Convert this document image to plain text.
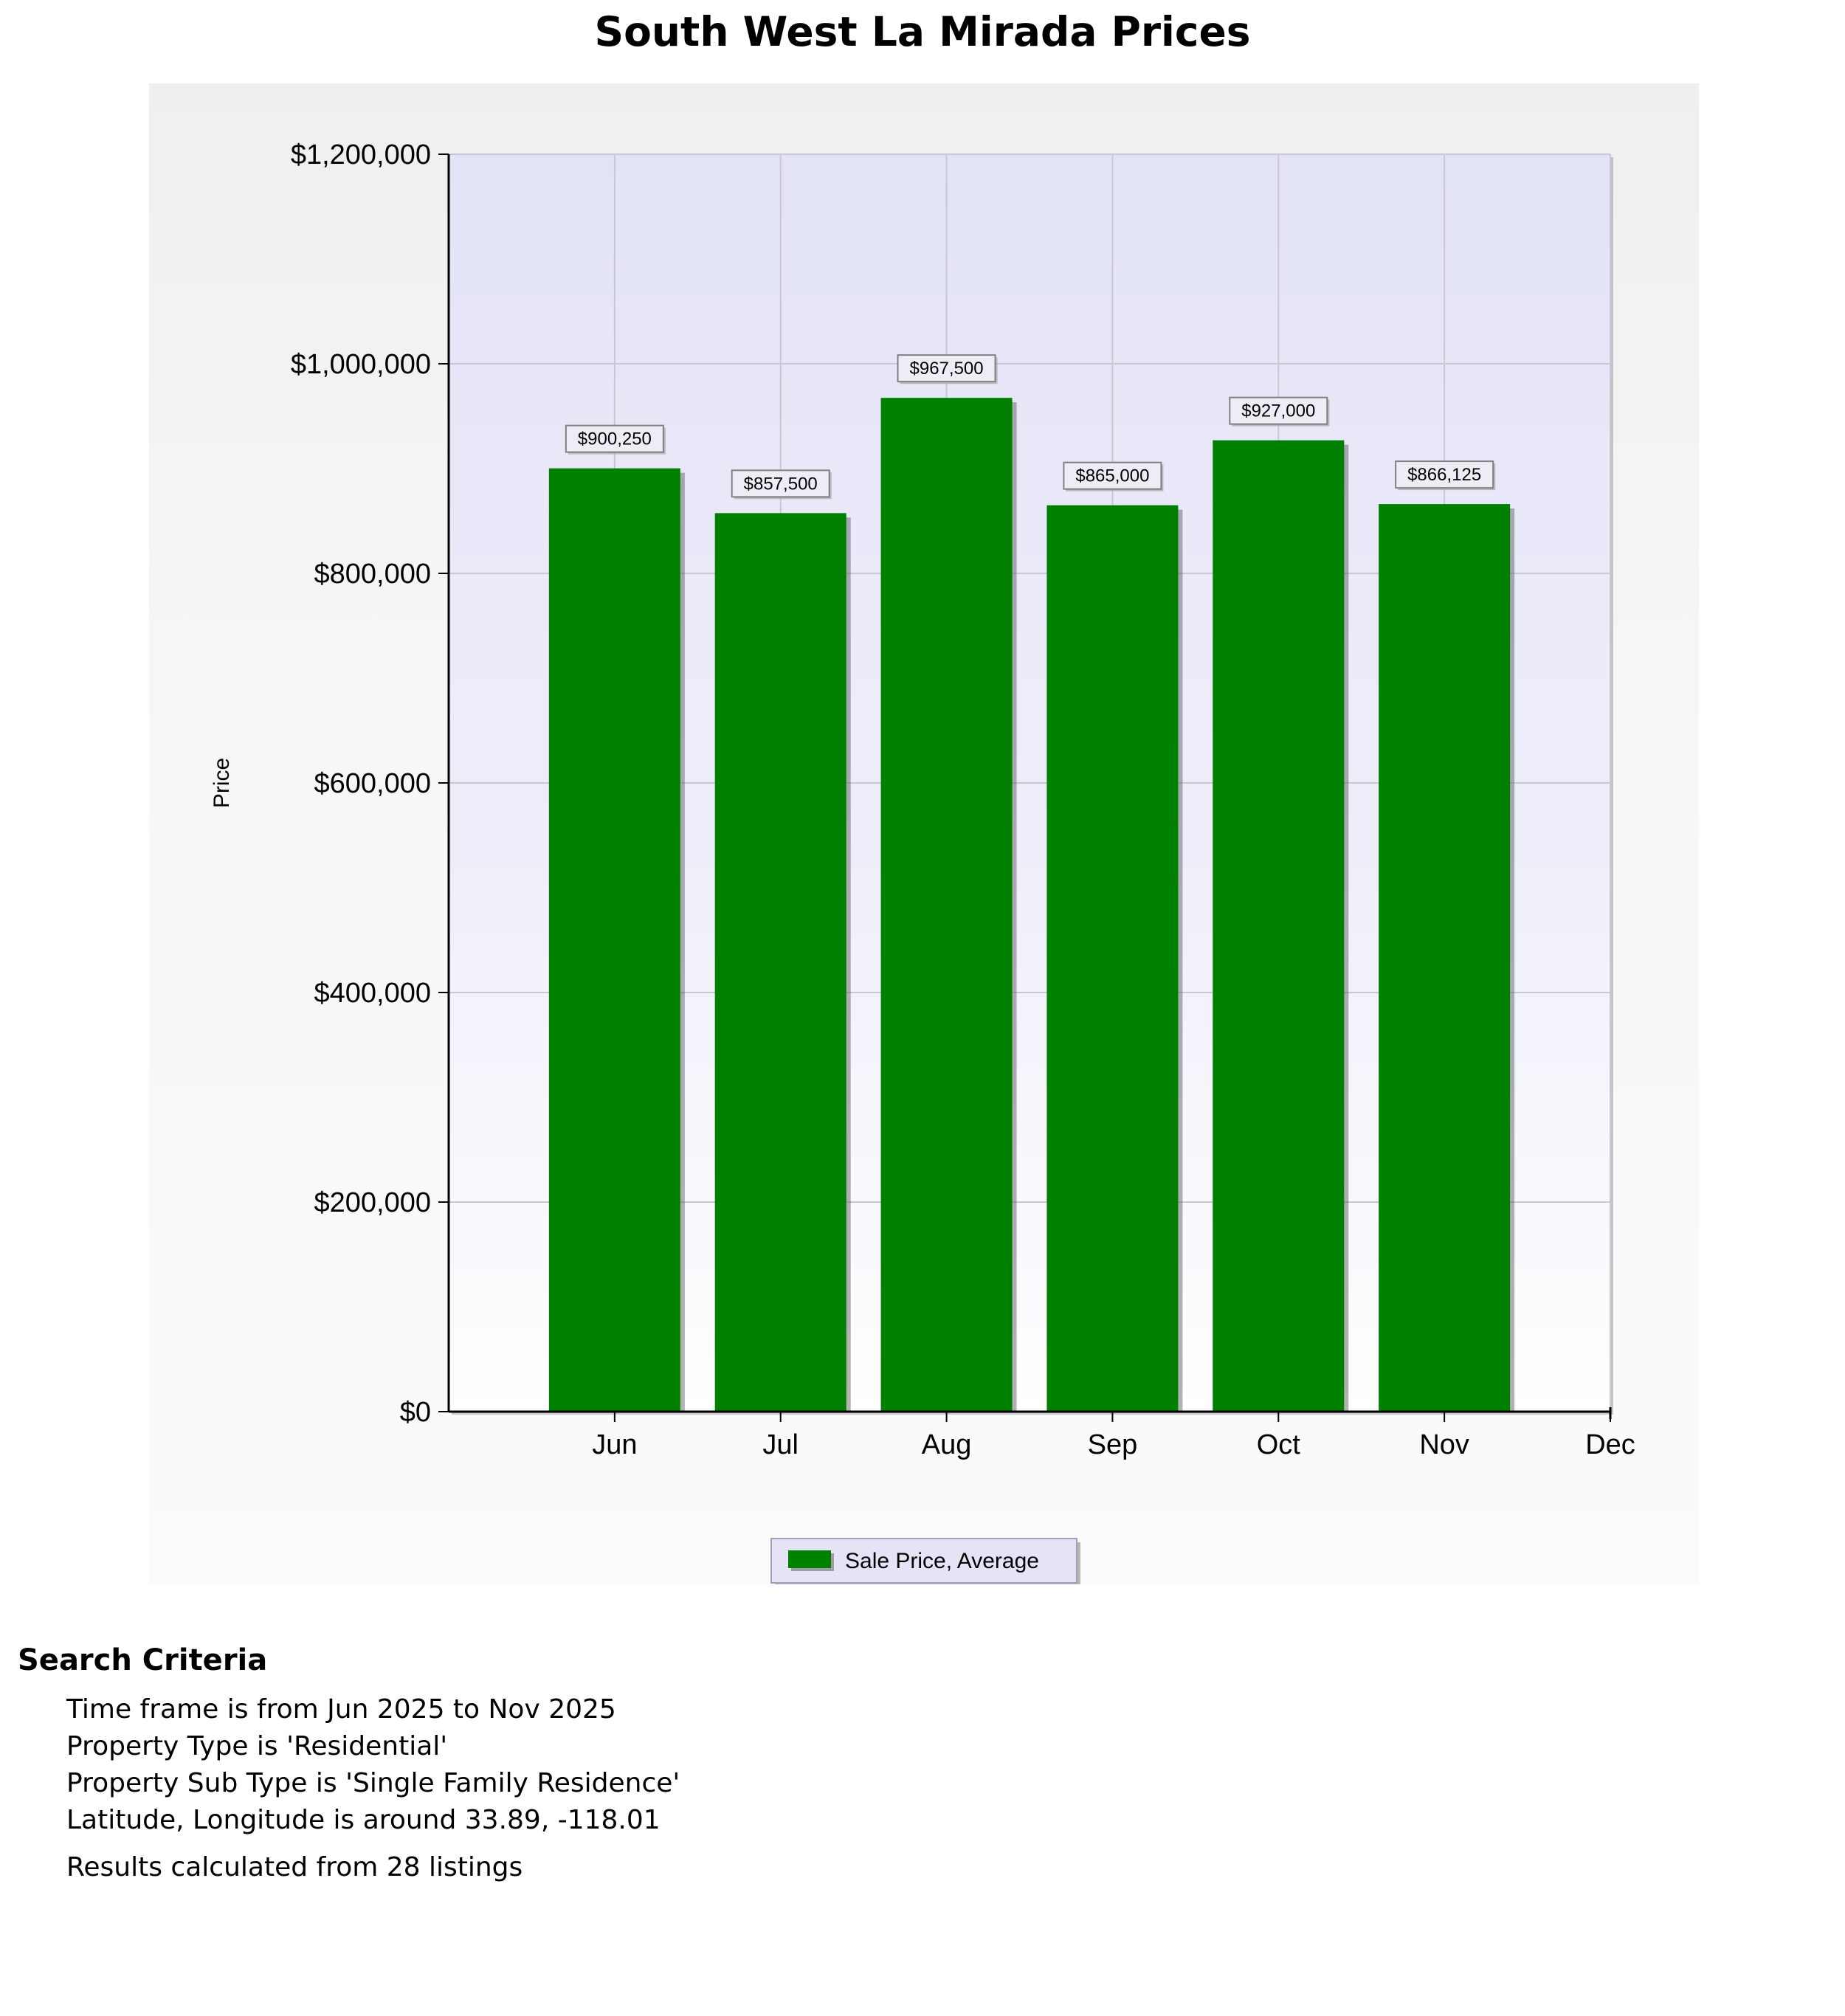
South West La Mirada Prices
$0
$200,000
$400,000
$600,000
$800,000
$1,000,000
$1,200,000
Jun	Jul	Aug	Sep	Oct	Nov	Dec
$900,250
$857,500
$967,500
$865,000
$927,000
$866,125
Price
Sale Price, Average
Search Criteria
Time frame is from Jun 2025 to Nov 2025
Property Type is 'Residential'
Property Sub Type is 'Single Family Residence'
Latitude, Longitude is around 33.89, -118.01
Results calculated from 28 listings
